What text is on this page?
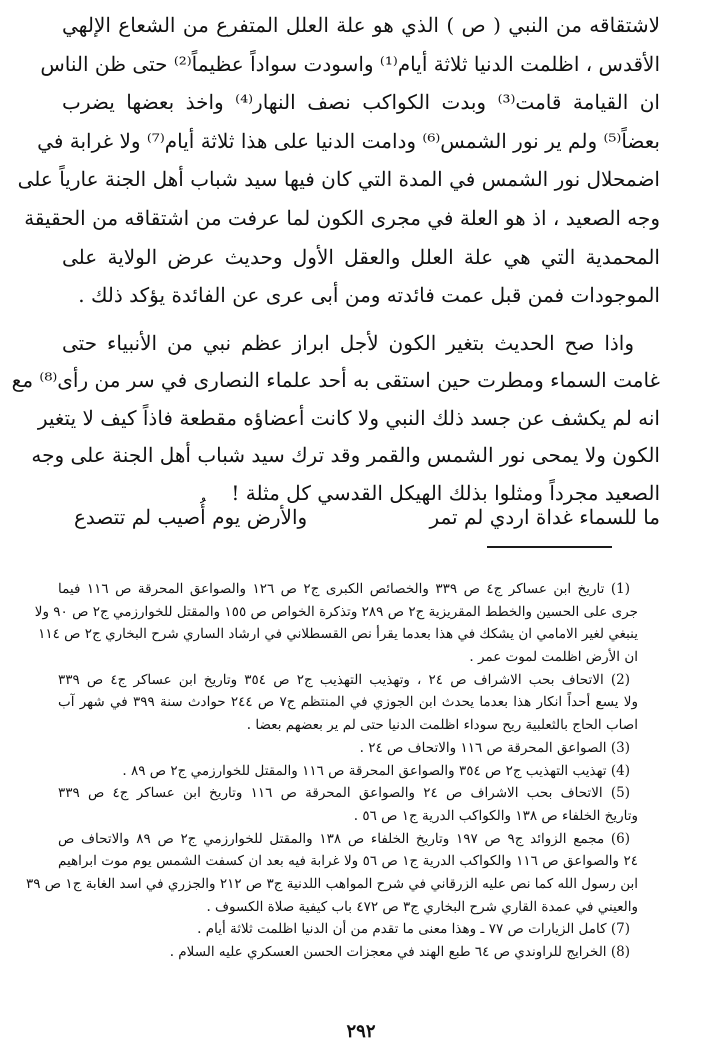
لاشتقاقه من النبي ( ص ) الذي هو علة العلل المتفرع من الشعاع الإلهي
الأقدس ، اظلمت الدنيا ثلاثة أيام⁽¹⁾ واسودت سواداً عظيماً⁽²⁾ حتى ظن الناس
ان القيامة قامت⁽³⁾ وبدت الكواكب نصف النهار⁽⁴⁾ واخذ بعضها يضرب
بعضاً⁽⁵⁾ ولم ير نور الشمس⁽⁶⁾ ودامت الدنيا على هذا ثلاثة أيام⁽⁷⁾ ولا غرابة في
اضمحلال نور الشمس في المدة التي كان فيها سيد شباب أهل الجنة عارياً على
وجه الصعيد ، اذ هو العلة في مجرى الكون لما عرفت من اشتقاقه من الحقيقة
المحمدية التي هي علة العلل والعقل الأول وحديث عرض الولاية على
الموجودات فمن قبل عمت فائدته ومن أبى عرى عن الفائدة يؤكد ذلك .
واذا صح الحديث بتغير الكون لأجل ابراز عظم نبي من الأنبياء حتى
غامت السماء ومطرت حين استقى به أحد علماء النصارى في سر من رأى⁽⁸⁾ مع
انه لم يكشف عن جسد ذلك النبي ولا كانت أعضاؤه مقطعة فاذاً كيف لا يتغير
الكون ولا يمحى نور الشمس والقمر وقد ترك سيد شباب أهل الجنة على وجه
الصعيد مجرداً ومثلوا بذلك الهيكل القدسي كل مثلة !
ما للسماء غداة اردي لم تمر
والأرض يوم أُصيب لم تتصدع
(1) تاريخ ابن عساكر ج٤ ص ٣٣٩ والخصائص الكبرى ج٢ ص ١٢٦ والصواعق المحرقة ص ١١٦ فيما
جرى على الحسين والخطط المقريزية ج٢ ص ٢٨٩ وتذكرة الخواص ص ١٥٥ والمقتل للخوارزمي ج٢ ص ٩٠ ولا
ينبغي لغير الامامي ان يشكك في هذا بعدما يقرأ نص القسطلاني في ارشاد الساري شرح البخاري ج٢ ص ١١٤
ان الأرض اظلمت لموت عمر .
(2) الاتحاف بحب الاشراف ص ٢٤ ، وتهذيب التهذيب ج٢ ص ٣٥٤ وتاريخ ابن عساكر ج٤ ص ٣٣٩
ولا يسع أحداً انكار هذا بعدما يحدث ابن الجوزي في المنتظم ج٧ ص ٢٤٤ حوادث سنة ٣٩٩ في شهر آب
اصاب الحاج بالثعلبية ريح سوداء اظلمت الدنيا حتى لم ير بعضهم بعضا .
(3) الصواعق المحرقة ص ١١٦ والاتحاف ص ٢٤ .
(4) تهذيب التهذيب ج٢ ص ٣٥٤ والصواعق المحرقة ص ١١٦ والمقتل للخوارزمي ج٢ ص ٨٩ .
(5) الاتحاف بحب الاشراف ص ٢٤ والصواعق المحرقة ص ١١٦ وتاريخ ابن عساكر ج٤ ص ٣٣٩
وتاريخ الخلفاء ص ١٣٨ والكواكب الدرية ج١ ص ٥٦ .
(6) مجمع الزوائد ج٩ ص ١٩٧ وتاريخ الخلفاء ص ١٣٨ والمقتل للخوارزمي ج٢ ص ٨٩ والاتحاف ص
٢٤ والصواعق ص ١١٦ والكواكب الدرية ج١ ص ٥٦ ولا غرابة فيه بعد ان كسفت الشمس يوم موت ابراهيم
ابن رسول الله كما نص عليه الزرقاني في شرح المواهب اللدنية ج٣ ص ٢١٢ والجزري في اسد الغابة ج١ ص ٣٩
والعيني في عمدة القاري شرح البخاري ج٣ ص ٤٧٢ باب كيفية صلاة الكسوف .
(7) كامل الزيارات ص ٧٧ ـ وهذا معنى ما تقدم من أن الدنيا اظلمت ثلاثة أيام .
(8) الخرايج للراوندي ص ٦٤ طبع الهند في معجزات الحسن العسكري عليه السلام .
٢٩٢
